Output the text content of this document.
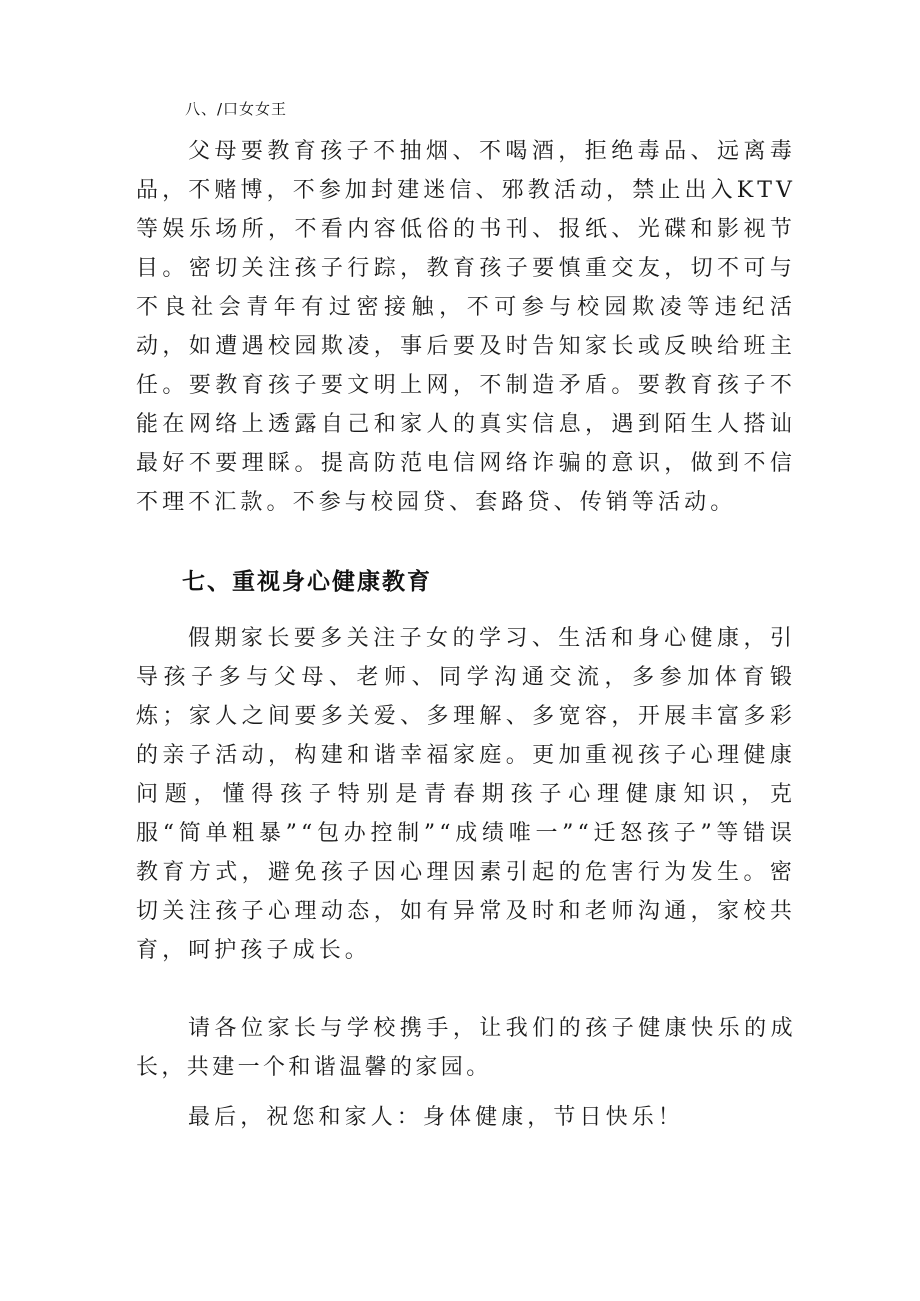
八、/口女女王

父母要教育孩子不抽烟、不喝酒，拒绝毒品、远离毒品，不赌博，不参加封建迷信、邪教活动，禁止出入KTV等娱乐场所，不看内容低俗的书刊、报纸、光碟和影视节目。密切关注孩子行踪，教育孩子要慎重交友，切不可与不良社会青年有过密接触，不可参与校园欺凌等违纪活动，如遭遇校园欺凌，事后要及时告知家长或反映给班主任。要教育孩子要文明上网，不制造矛盾。要教育孩子不能在网络上透露自己和家人的真实信息，遇到陌生人搭讪最好不要理睬。提高防范电信网络诈骗的意识，做到不信不理不汇款。不参与校园贷、套路贷、传销等活动。

七、重视身心健康教育

假期家长要多关注子女的学习、生活和身心健康，引导孩子多与父母、老师、同学沟通交流，多参加体育锻炼；家人之间要多关爱、多理解、多宽容，开展丰富多彩的亲子活动，构建和谐幸福家庭。更加重视孩子心理健康问题，懂得孩子特别是青春期孩子心理健康知识，克服“简单粗暴”“包办控制”“成绩唯一”“迁怒孩子”等错误教育方式，避免孩子因心理因素引起的危害行为发生。密切关注孩子心理动态，如有异常及时和老师沟通，家校共育，呵护孩子成长。

请各位家长与学校携手，让我们的孩子健康快乐的成长，共建一个和谐温馨的家园。

最后，祝您和家人：身体健康，节日快乐！
